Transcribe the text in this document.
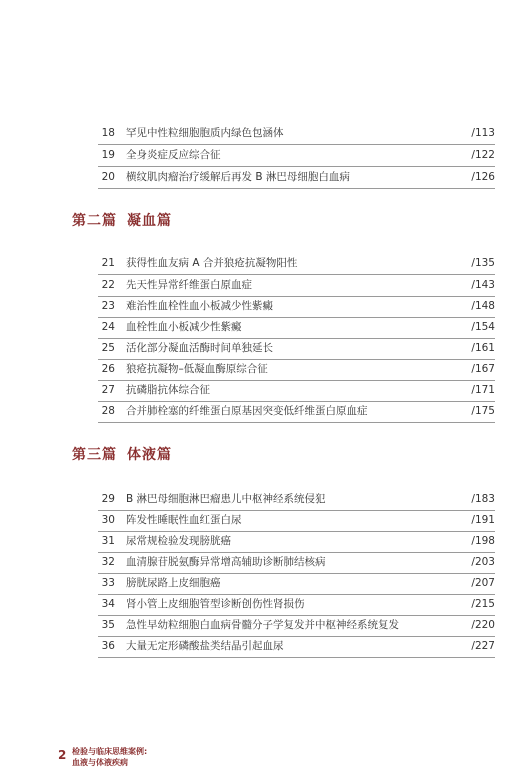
18 罕见中性粒细胞胞质内绿色包涵体	/113
19 全身炎症反应综合征	/122
20 横纹肌肉瘤治疗缓解后再发 B 淋巴母细胞白血病	/126
第二篇 凝血篇
21 获得性血友病 A 合并狼疮抗凝物阳性	/135
22 先天性异常纤维蛋白原血症	/143
23 难治性血栓性血小板减少性紫癜	/148
24 血栓性血小板减少性紫癜	/154
25 活化部分凝血活酶时间单独延长	/161
26 狼疮抗凝物–低凝血酶原综合征	/167
27 抗磷脂抗体综合征	/171
28 合并肺栓塞的纤维蛋白原基因突变低纤维蛋白原血症	/175
第三篇 体液篇
29 B 淋巴母细胞淋巴瘤患儿中枢神经系统侵犯	/183
30 阵发性睡眠性血红蛋白尿	/191
31 尿常规检验发现膀胱癌	/198
32 血清腺苷脱氨酶异常增高辅助诊断肺结核病	/203
33 膀胱尿路上皮细胞癌	/207
34 肾小管上皮细胞管型诊断创伤性肾损伤	/215
35 急性早幼粒细胞白血病骨髓分子学复发并中枢神经系统复发	/220
36 大量无定形磷酸盐类结晶引起血尿	/227
2 检验与临床思维案例:
血液与体液疾病
